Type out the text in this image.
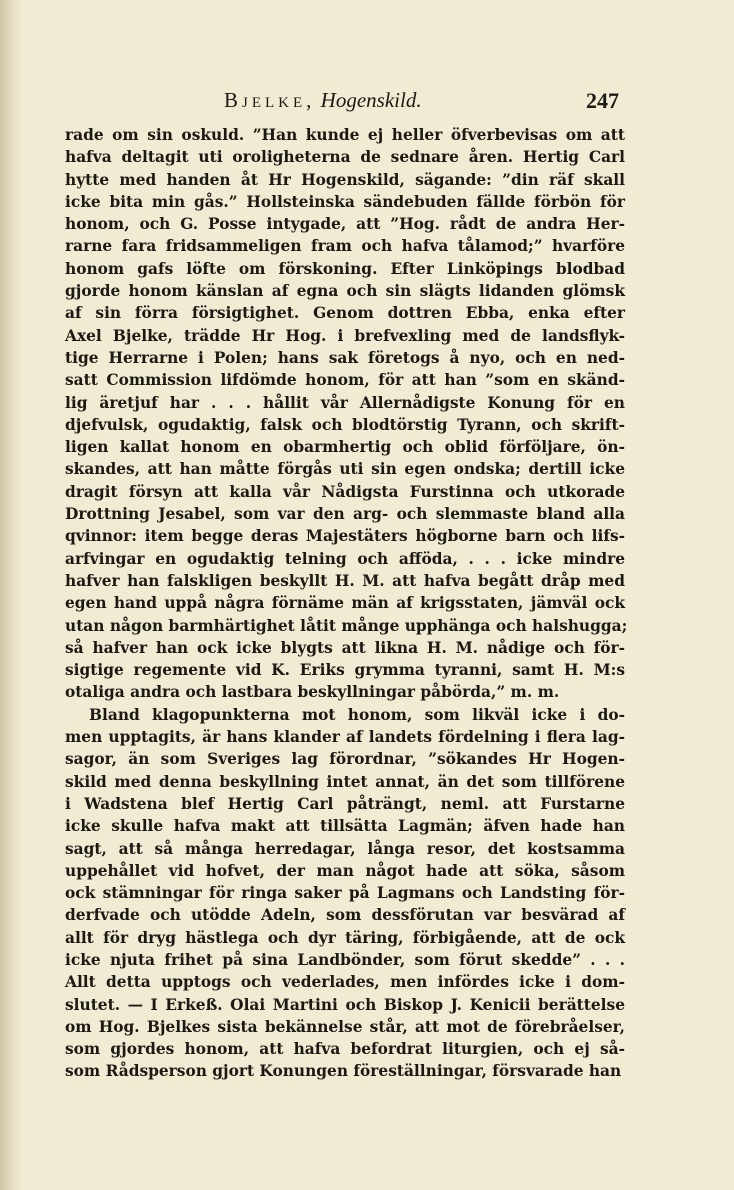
Bjelke, Hogenskild.	247
rade om sin oskuld. ”Han kunde ej heller öfverbevisas om att
hafva deltagit uti oroligheterna de sednare åren. Hertig Carl
hytte med handen åt Hr Hogenskild, sägande: ”din räf skall
icke bita min gås.” Hollsteinska sändebuden fällde förbön för
honom, och G. Posse intygade, att ”Hog. rådt de andra Her-
rarne fara fridsammeligen fram och hafva tålamod;” hvarföre
honom gafs löfte om förskoning. Efter Linköpings blodbad
gjorde honom känslan af egna och sin slägts lidanden glömsk
af sin förra försigtighet. Genom dottren Ebba, enka efter
Axel Bjelke, trädde Hr Hog. i brefvexling med de landsflyk-
tige Herrarne i Polen; hans sak företogs å nyo, och en ned-
satt Commission lifdömde honom, för att han ”som en skänd-
lig äretjuf har . . . hållit vår Allernådigste Konung för en
djefvulsk, ogudaktig, falsk och blodtörstig Tyrann, och skrift-
ligen kallat honom en obarmhertig och oblid förföljare, ön-
skandes, att han måtte förgås uti sin egen ondska; dertill icke
dragit försyn att kalla vår Nådigsta Furstinna och utkorade
Drottning Jesabel, som var den arg- och slemmaste bland alla
qvinnor: item begge deras Majestäters högborne barn och lifs-
arfvingar en ogudaktig telning och afföda, . . . icke mindre
hafver han falskligen beskyllt H. M. att hafva begått dråp med
egen hand uppå några förnäme män af krigsstaten, jämväl ock
utan någon barmhärtighet låtit månge upphänga och halshugga;
så hafver han ock icke blygts att likna H. M. nådige och för-
sigtige regemente vid K. Eriks grymma tyranni, samt H. M:s
otaliga andra och lastbara beskyllningar påbörda,” m. m.
Bland klagopunkterna mot honom, som likväl icke i do-
men upptagits, är hans klander af landets fördelning i flera lag-
sagor, än som Sveriges lag förordnar, ”sökandes Hr Hogen-
skild med denna beskyllning intet annat, än det som tillförene
i Wadstena blef Hertig Carl påträngt, neml. att Furstarne
icke skulle hafva makt att tillsätta Lagmän; äfven hade han
sagt, att så många herredagar, långa resor, det kostsamma
uppehållet vid hofvet, der man något hade att söka, såsom
ock stämningar för ringa saker på Lagmans och Landsting för-
derfvade och utödde Adeln, som dessförutan var besvärad af
allt för dryg hästlega och dyr täring, förbigående, att de ock
icke njuta frihet på sina Landbönder, som förut skedde” . . .
Allt detta upptogs och vederlades, men infördes icke i dom-
slutet. — I Erkeß. Olai Martini och Biskop J. Kenicii berättelse
om Hog. Bjelkes sista bekännelse står, att mot de förebråelser,
som gjordes honom, att hafva befordrat liturgien, och ej så-
som Rådsperson gjort Konungen föreställningar, försvarade han
